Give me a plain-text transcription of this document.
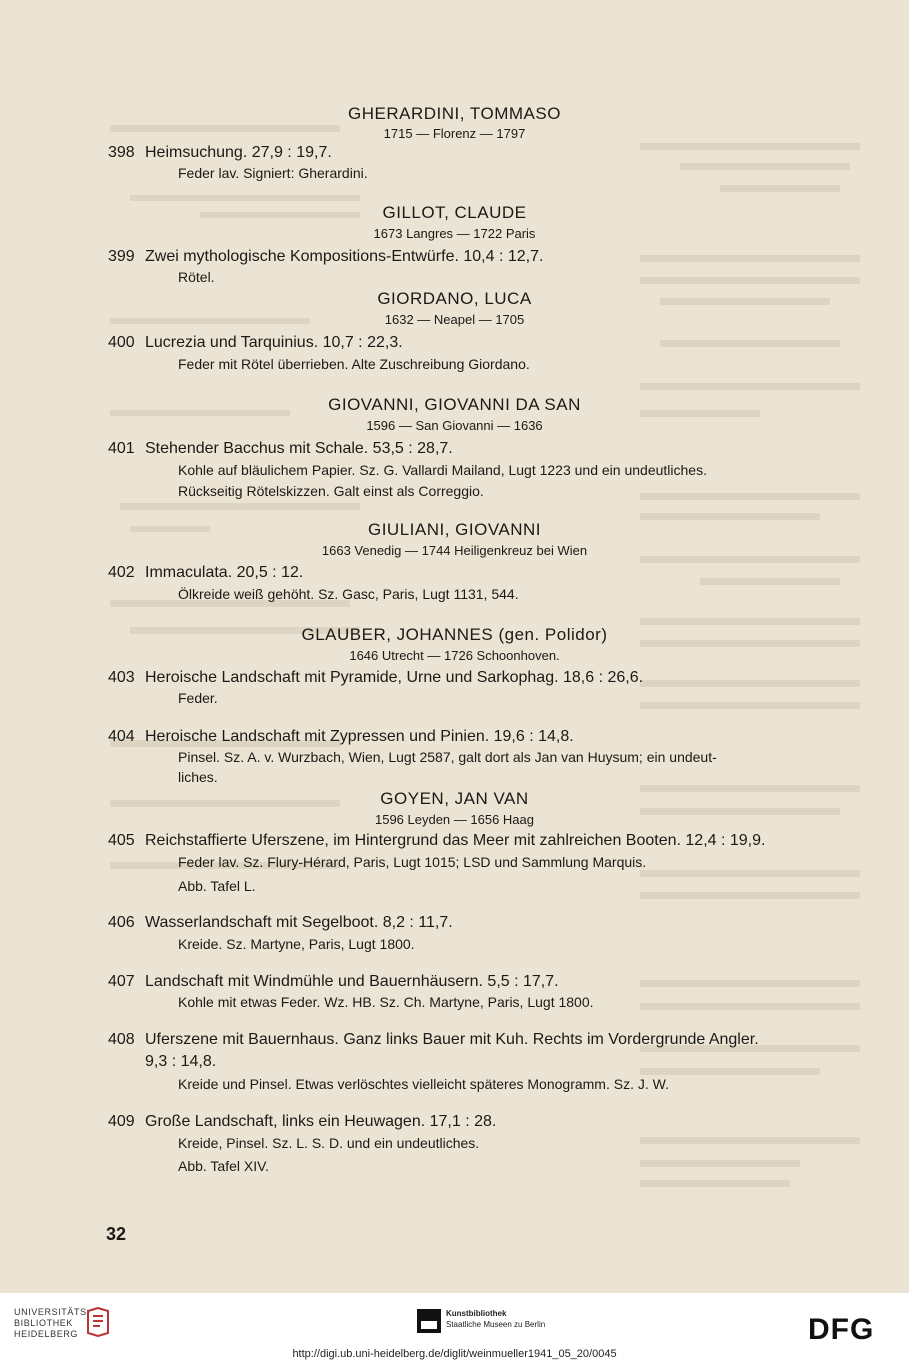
GHERARDINI, TOMMASO
1715 — Florenz — 1797
398 Heimsuchung. 27,9 : 19,7.
Feder lav. Signiert: Gherardini.
GILLOT, CLAUDE
1673 Langres — 1722 Paris
399 Zwei mythologische Kompositions-Entwürfe. 10,4 : 12,7.
Rötel.
GIORDANO, LUCA
1632 — Neapel — 1705
400 Lucrezia und Tarquinius. 10,7 : 22,3.
Feder mit Rötel überrieben. Alte Zuschreibung Giordano.
GIOVANNI, GIOVANNI DA SAN
1596 — San Giovanni — 1636
401 Stehender Bacchus mit Schale. 53,5 : 28,7.
Kohle auf bläulichem Papier. Sz. G. Vallardi Mailand, Lugt 1223 und ein undeutliches.
Rückseitig Rötelskizzen. Galt einst als Correggio.
GIULIANI, GIOVANNI
1663 Venedig — 1744 Heiligenkreuz bei Wien
402 Immaculata. 20,5 : 12.
Ölkreide weiß gehöht. Sz. Gasc, Paris, Lugt 1131, 544.
GLAUBER, JOHANNES (gen. Polidor)
1646 Utrecht — 1726 Schoonhoven.
403 Heroische Landschaft mit Pyramide, Urne und Sarkophag. 18,6 : 26,6.
Feder.
404 Heroische Landschaft mit Zypressen und Pinien. 19,6 : 14,8.
Pinsel. Sz. A. v. Wurzbach, Wien, Lugt 2587, galt dort als Jan van Huysum; ein undeut-
liches.
GOYEN, JAN VAN
1596 Leyden — 1656 Haag
405 Reichstaffierte Uferszene, im Hintergrund das Meer mit zahlreichen Booten. 12,4 : 19,9.
Feder lav. Sz. Flury-Hérard, Paris, Lugt 1015; LSD und Sammlung Marquis.
Abb. Tafel L.
406 Wasserlandschaft mit Segelboot. 8,2 : 11,7.
Kreide. Sz. Martyne, Paris, Lugt 1800.
407 Landschaft mit Windmühle und Bauernhäusern. 5,5 : 17,7.
Kohle mit etwas Feder. Wz. HB. Sz. Ch. Martyne, Paris, Lugt 1800.
408 Uferszene mit Bauernhaus. Ganz links Bauer mit Kuh. Rechts im Vordergrunde Angler.
9,3 : 14,8.
Kreide und Pinsel. Etwas verlöschtes vielleicht späteres Monogramm. Sz. J. W.
409 Große Landschaft, links ein Heuwagen. 17,1 : 28.
Kreide, Pinsel. Sz. L. S. D. und ein undeutliches.
Abb. Tafel XIV.
32
UNIVERSITÄTS-
BIBLIOTHEK
HEIDELBERG
Kunstbibliothek
Staatliche Museen zu Berlin	DFG
http://digi.ub.uni-heidelberg.de/diglit/weinmueller1941_05_20/0045
